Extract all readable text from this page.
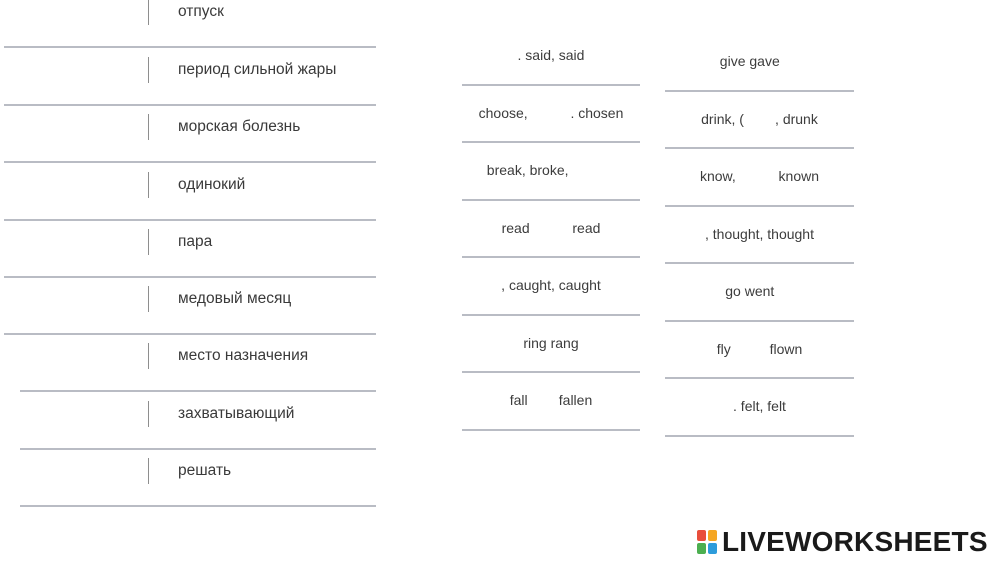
отпуск
период сильной жары
морская болезнь
одинокий
пара
медовый месяц
место назначения
захватывающий
решать
. said, said
choose,           . chosen
break, broke,
read           read
, caught, caught
ring rang
fall        fallen
give gave
drink, (        , drunk
know,           known
, thought, thought
go went
fly          flown
. felt, felt
LIVEWORKSHEETS
